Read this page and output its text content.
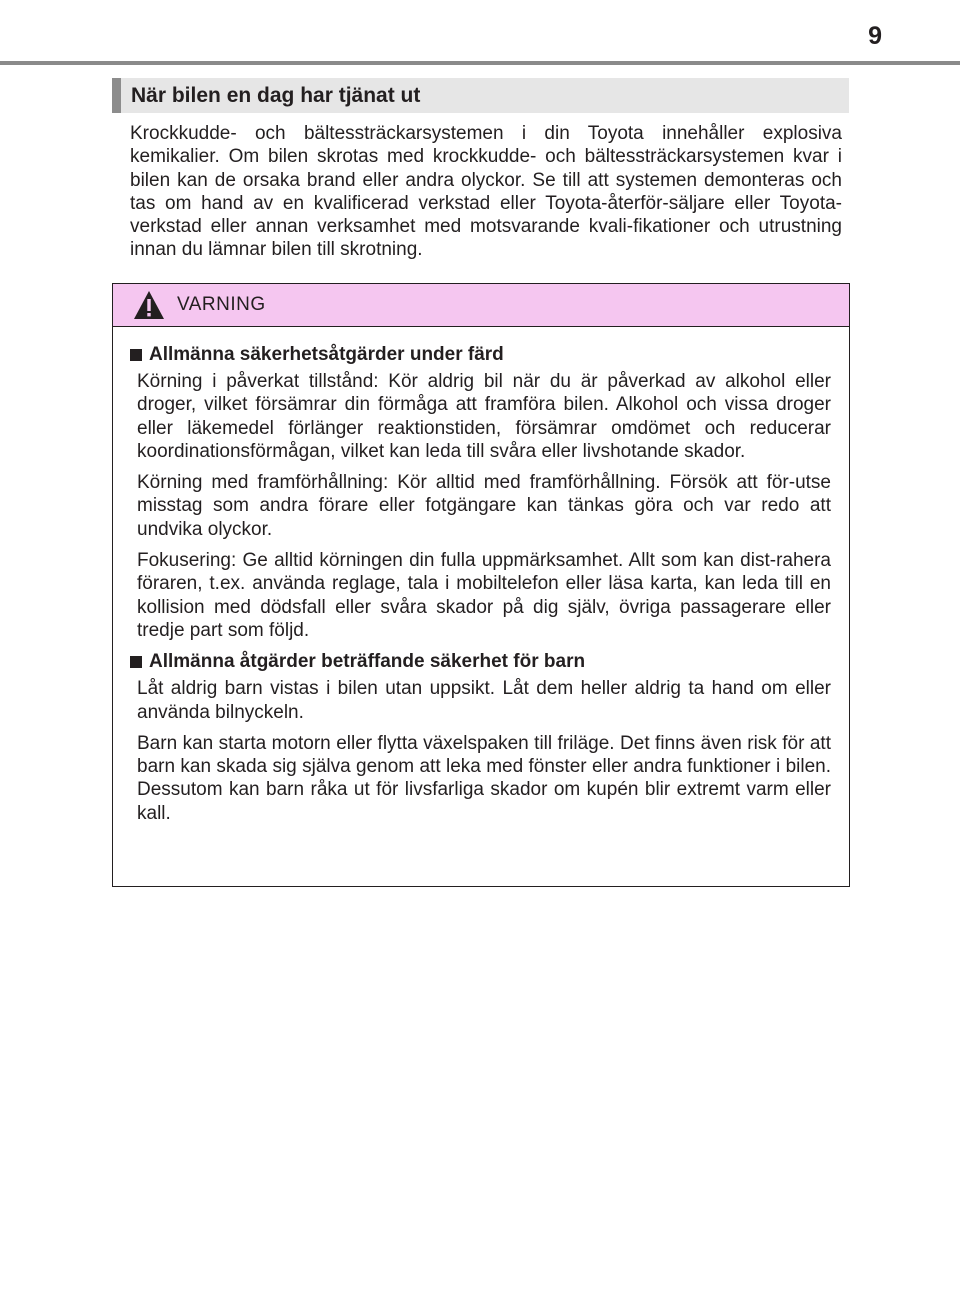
9
När bilen en dag har tjänat ut

Krockkudde- och bältessträckarsystemen i din Toyota innehåller explosiva kemikalier. Om bilen skrotas med krockkudde- och bältessträckarsystemen kvar i bilen kan de orsaka brand eller andra olyckor. Se till att systemen demonteras och tas om hand av en kvalificerad verkstad eller Toyota-återför-säljare eller Toyota-verkstad eller annan verksamhet med motsvarande kvali-fikationer och utrustning innan du lämnar bilen till skrotning.

VARNING
Allmänna säkerhetsåtgärder under färd

Körning i påverkat tillstånd: Kör aldrig bil när du är påverkad av alkohol eller droger, vilket försämrar din förmåga att framföra bilen. Alkohol och vissa droger eller läkemedel förlänger reaktionstiden, försämrar omdömet och reducerar koordinationsförmågan, vilket kan leda till svåra eller livshotande skador.

Körning med framförhållning: Kör alltid med framförhållning. Försök att för-utse misstag som andra förare eller fotgängare kan tänkas göra och var redo att undvika olyckor.

Fokusering: Ge alltid körningen din fulla uppmärksamhet. Allt som kan dist-rahera föraren, t.ex. använda reglage, tala i mobiltelefon eller läsa karta, kan leda till en kollision med dödsfall eller svåra skador på dig själv, övriga passagerare eller tredje part som följd.

Allmänna åtgärder beträffande säkerhet för barn

Låt aldrig barn vistas i bilen utan uppsikt. Låt dem heller aldrig ta hand om eller använda bilnyckeln.

Barn kan starta motorn eller flytta växelspaken till friläge. Det finns även risk för att barn kan skada sig själva genom att leka med fönster eller andra funktioner i bilen. Dessutom kan barn råka ut för livsfarliga skador om kupén blir extremt varm eller kall.
